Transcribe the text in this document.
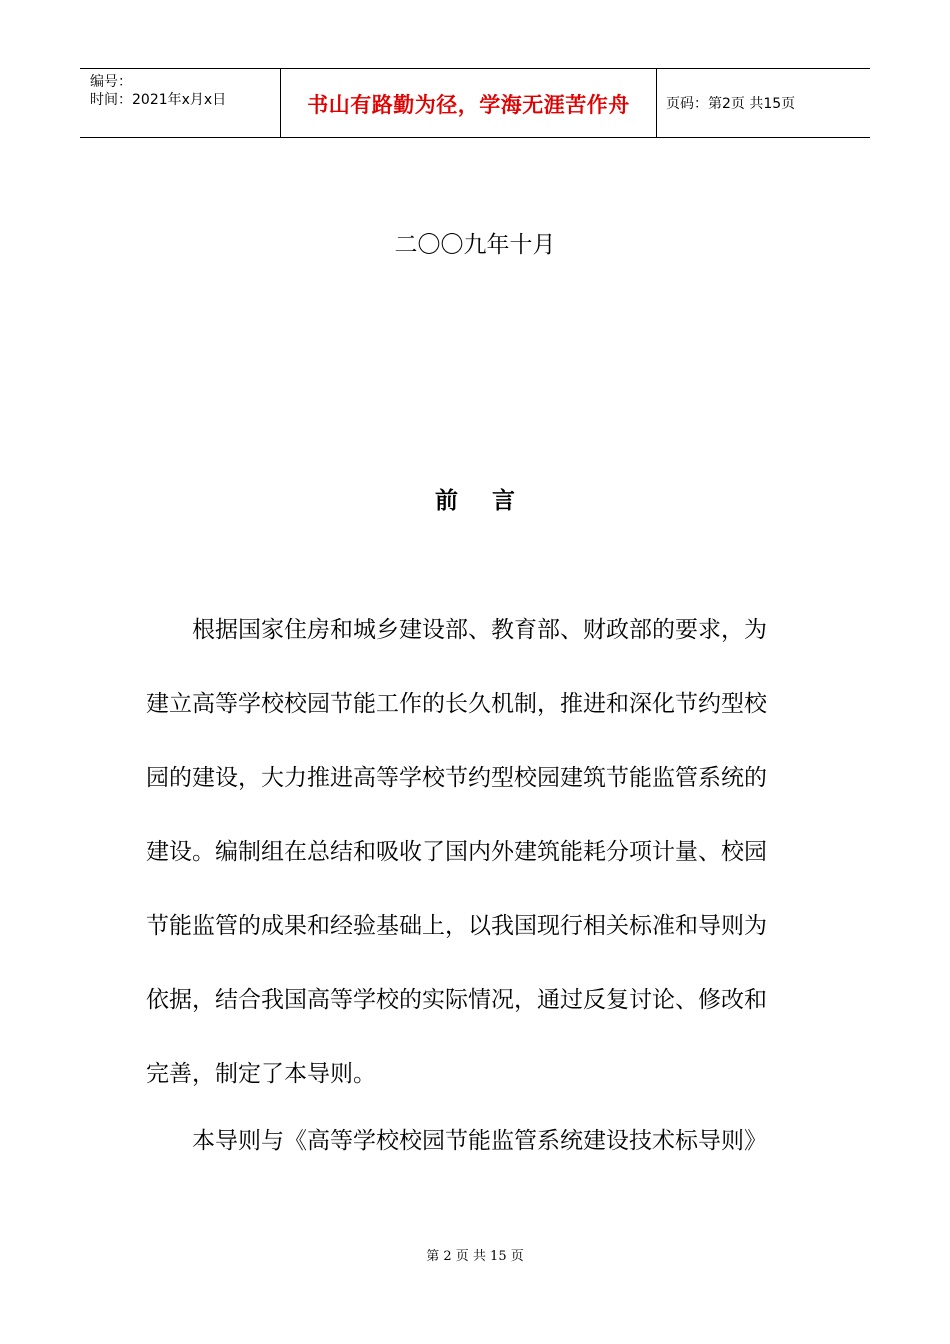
编号：
时间：2021年x月x日	书山有路勤为径，学海无涯苦作舟	页码：第2页 共15页
二〇〇九年十月
前言
　　根据国家住房和城乡建设部、教育部、财政部的要求，为
建立高等学校校园节能工作的长久机制，推进和深化节约型校
园的建设，大力推进高等学校节约型校园建筑节能监管系统的
建设。编制组在总结和吸收了国内外建筑能耗分项计量、校园
节能监管的成果和经验基础上，以我国现行相关标准和导则为
依据，结合我国高等学校的实际情况，通过反复讨论、修改和
完善，制定了本导则。
　　本导则与《高等学校校园节能监管系统建设技术标导则》
第 2 页 共 15 页
